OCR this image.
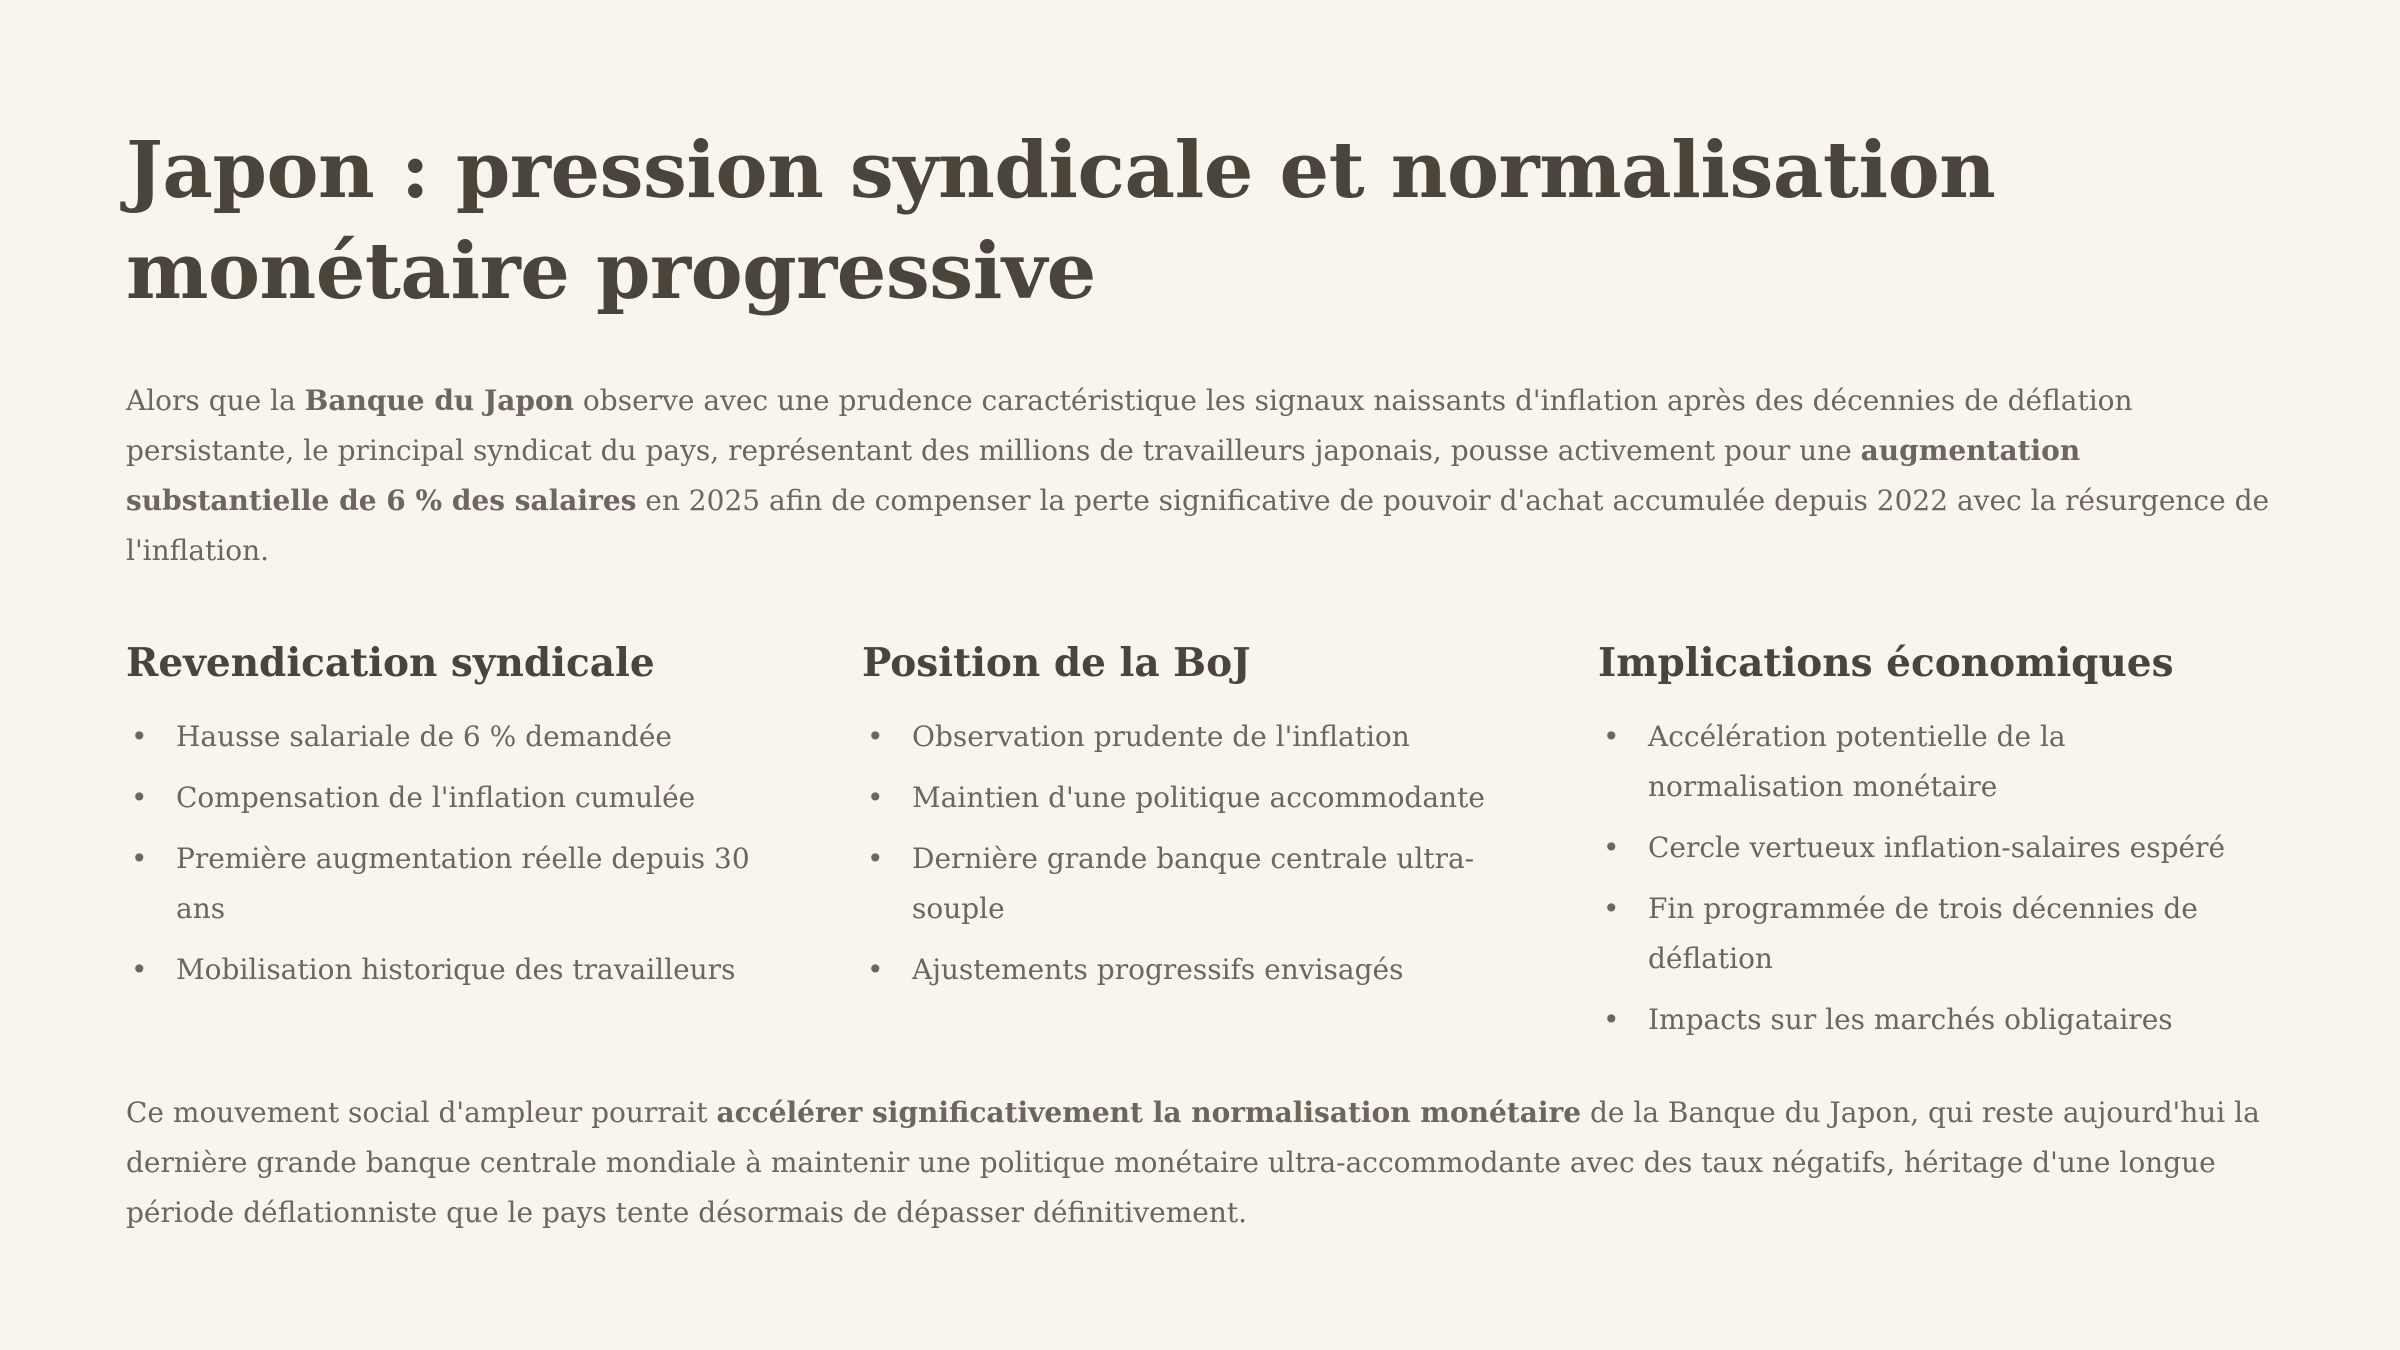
Japon : pression syndicale et normalisation monétaire progressive

Alors que la Banque du Japon observe avec une prudence caractéristique les signaux naissants d'inflation après des décennies de déflation persistante, le principal syndicat du pays, représentant des millions de travailleurs japonais, pousse activement pour une augmentation substantielle de 6 % des salaires en 2025 afin de compenser la perte significative de pouvoir d'achat accumulée depuis 2022 avec la résurgence de l'inflation.

Revendication syndicale
• Hausse salariale de 6 % demandée
• Compensation de l'inflation cumulée
• Première augmentation réelle depuis 30 ans
• Mobilisation historique des travailleurs
Position de la BoJ
• Observation prudente de l'inflation
• Maintien d'une politique accommodante
• Dernière grande banque centrale ultra-souple
• Ajustements progressifs envisagés
Implications économiques
• Accélération potentielle de la normalisation monétaire
• Cercle vertueux inflation-salaires espéré
• Fin programmée de trois décennies de déflation
• Impacts sur les marchés obligataires

Ce mouvement social d'ampleur pourrait accélérer significativement la normalisation monétaire de la Banque du Japon, qui reste aujourd'hui la dernière grande banque centrale mondiale à maintenir une politique monétaire ultra-accommodante avec des taux négatifs, héritage d'une longue période déflationniste que le pays tente désormais de dépasser définitivement.
